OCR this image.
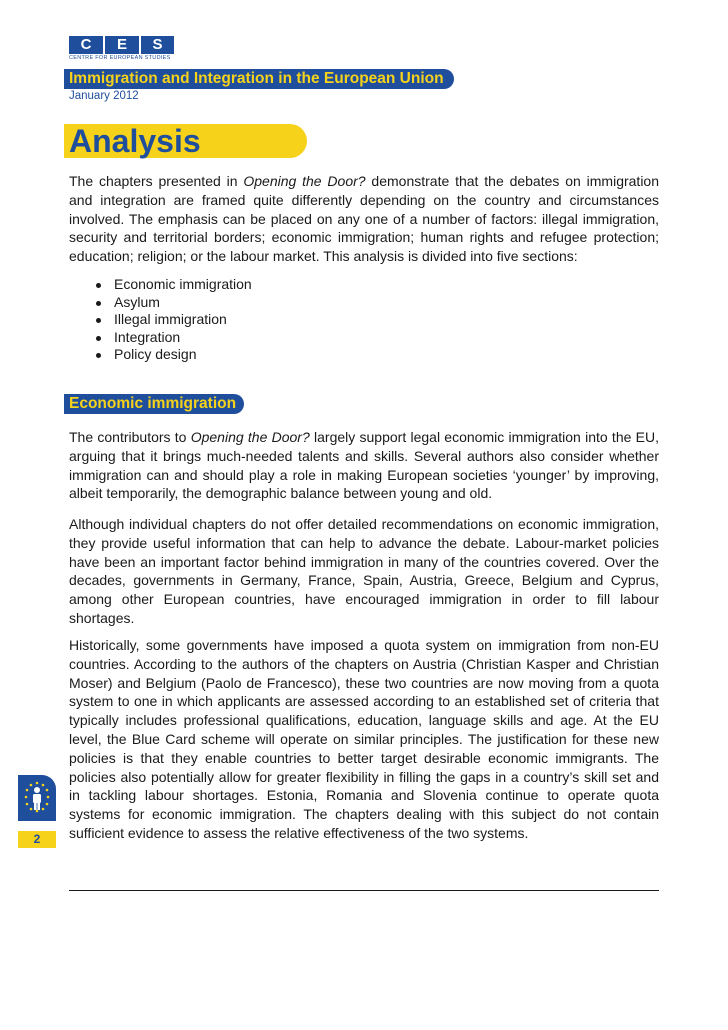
C	E	S
CENTRE FOR EUROPEAN STUDIES
Immigration and Integration in the European Union
January 2012
Analysis

The chapters presented in Opening the Door? demonstrate that the debates on immigration and integration are framed quite differently depending on the country and circumstances involved. The emphasis can be placed on any one of a number of factors: illegal immigration, security and territorial borders; economic immigration; human rights and refugee protection; education; religion; or the labour market. This analysis is divided into five sections:

Economic immigration
Asylum
Illegal immigration
Integration
Policy design
Economic immigration

The contributors to Opening the Door? largely support legal economic immigration into the EU, arguing that it brings much-needed talents and skills. Several authors also consider whether immigration can and should play a role in making European societies ‘younger’ by improving, albeit temporarily, the demographic balance between young and old.

Although individual chapters do not offer detailed recommendations on economic immigration, they provide useful information that can help to advance the debate. Labour-market policies have been an important factor behind immigration in many of the countries covered. Over the decades, governments in Germany, France, Spain, Austria, Greece, Belgium and Cyprus, among other European countries, have encouraged immigration in order to fill labour shortages.

Historically, some governments have imposed a quota system on immigration from non-EU countries. According to the authors of the chapters on Austria (Christian Kasper and Christian Moser) and Belgium (Paolo de Francesco), these two countries are now moving from a quota system to one in which applicants are assessed according to an established set of criteria that typically includes professional qualifications, education, language skills and age. At the EU level, the Blue Card scheme will operate on similar principles. The justification for these new policies is that they enable countries to better target desirable economic immigrants. The policies also potentially allow for greater flexibility in filling the gaps in a country’s skill set and in tackling labour shortages. Estonia, Romania and Slovenia continue to operate quota systems for economic immigration. The chapters dealing with this subject do not contain sufficient evidence to assess the relative effectiveness of the two systems.

2
